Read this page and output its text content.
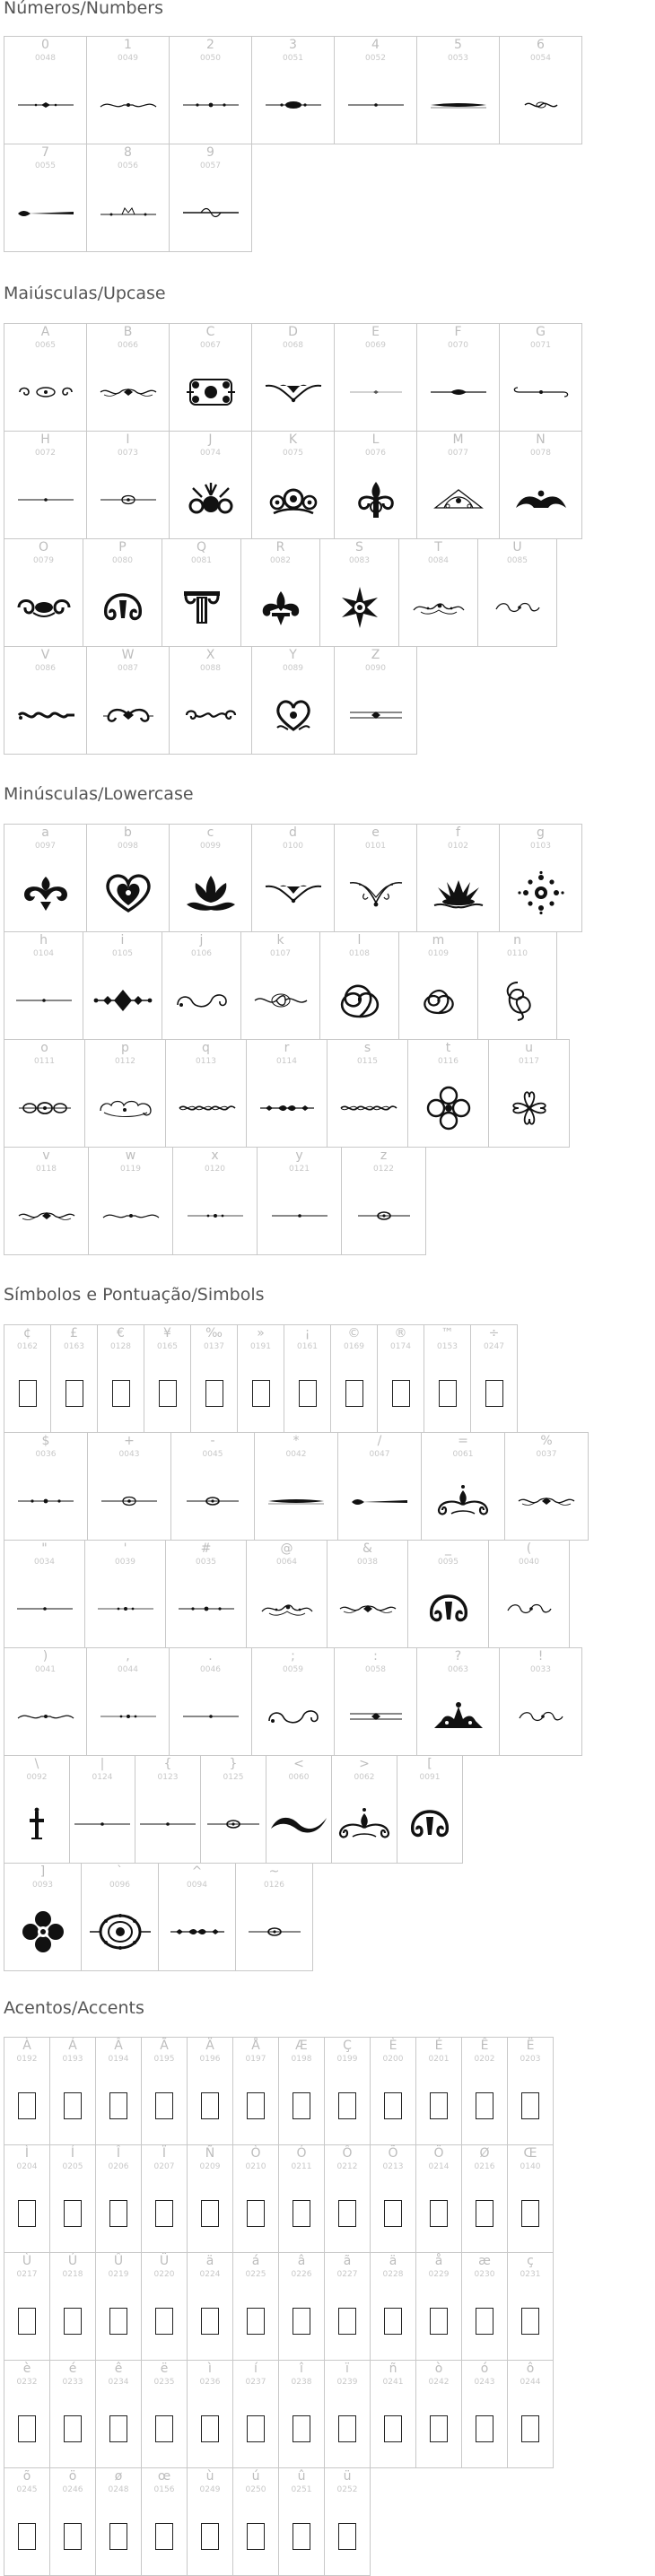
Números/Numbers
Maiúsculas/Upcase
Minúsculas/Lowercase
Símbolos e Pontuação/Simbols
Acentos/Accents
0
0048
1
0049
2
0050
3
0051
4
0052
5
0053
6
0054
7
0055
8
0056
9
0057
A
0065
B
0066
C
0067
D
0068
E
0069
F
0070
G
0071
H
0072
I
0073
J
0074
K
0075
L
0076
M
0077
N
0078
O
0079
P
0080
Q
0081
R
0082
S
0083
T
0084
U
0085
V
0086
W
0087
X
0088
Y
0089
Z
0090
a
0097
b
0098
c
0099
d
0100
e
0101
f
0102
g
0103
h
0104
i
0105
j
0106
k
0107
l
0108
m
0109
n
0110
o
0111
p
0112
q
0113
r
0114
s
0115
t
0116
u
0117
v
0118
w
0119
x
0120
y
0121
z
0122
¢
0162
£
0163
€
0128
¥
0165
‰
0137
»
0191
¡
0161
©
0169
®
0174
™
0153
÷
0247
$
0036
+
0043
-
0045
*
0042
/
0047
=
0061
%
0037
"
0034
'
0039
#
0035
@
0064
&
0038
_
0095
(
0040
)
0041
,
0044
.
0046
;
0059
:
0058
?
0063
!
0033
\
0092
|
0124
{
0123
}
0125
<
0060
>
0062
[
0091
]
0093
`
0096
^
0094
~
0126
À
0192
Á
0193
Â
0194
Ã
0195
Ä
0196
Å
0197
Æ
0198
Ç
0199
È
0200
É
0201
Ê
0202
Ë
0203
Ì
0204
Í
0205
Î
0206
Ï
0207
Ñ
0209
Ò
0210
Ó
0211
Ô
0212
Õ
0213
Ö
0214
Ø
0216
Œ
0140
Ù
0217
Ú
0218
Û
0219
Ü
0220
ä
0224
á
0225
â
0226
ã
0227
ä
0228
å
0229
æ
0230
ç
0231
è
0232
é
0233
ê
0234
ë
0235
ì
0236
í
0237
î
0238
ï
0239
ñ
0241
ò
0242
ó
0243
ô
0244
õ
0245
ö
0246
ø
0248
œ
0156
ù
0249
ú
0250
û
0251
ü
0252
